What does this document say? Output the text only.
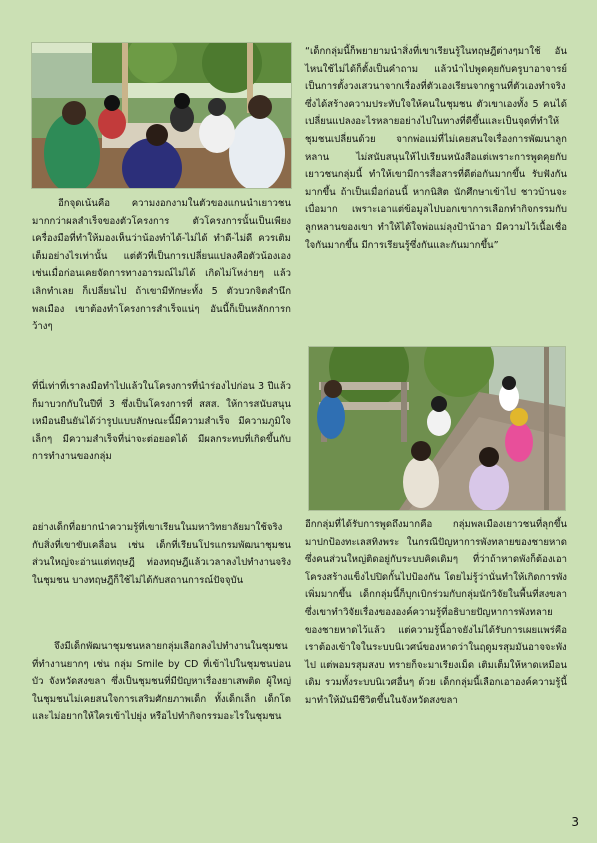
อีกจุดเน้นคือ ความงอกงามในตัวของแกนนำเยาวชน มากกว่าผลสำเร็จของตัวโครงการ ตัวโครงการนั้นเป็นเพียงเครื่องมือที่ทำให้มองเห็นว่าน้องทำได้-ไม่ได้ ทำดี-ไม่ดี ควรเติมเต็มอย่างไรเท่านั้น แต่ตัวที่เป็นการเปลี่ยนแปลงคือตัวน้องเอง เช่นเมื่อก่อนเคยจัดการทางอารมณ์ไม่ได้ เกิดไม่โหง่ายๆ แล้วเลิกทำเลย ก็เปลี่ยนไป ถ้าเขามีทักษะทั้ง 5 ตัวบวกจิตสำนึกพลเมือง เขาต้องทำโครงการสำเร็จแน่ๆ อันนี้ก็เป็นหลักการกว้างๆ

ที่นี่เท่าที่เราลงมือทำไปแล้วในโครงการที่นำร่องไปก่อน 3 ปีแล้วก็มาบวกกับในปีที่ 3 ซึ่งเป็นโครงการที่ สสส. ให้การสนับสนุน เหมือนยืนยันได้ว่ารูปแบบลักษณะนี้มีความสำเร็จ มีความภูมิใจเล็กๆ มีความสำเร็จที่น่าจะต่อยอดได้ มีผลกระทบที่เกิดขึ้นกับการทำงานของกลุ่ม

อย่างเด็กที่อยากนำความรู้ที่เขาเรียนในมหาวิทยาลัยมาใช้จริงกับสิ่งที่เขาขับเคลื่อน เช่น เด็กที่เรียนโปรแกรมพัฒนาชุมชน ส่วนใหญ่จะอ่านแต่ทฤษฎี ท่องทฤษฎีแล้วเวลาลงไปทำงานจริงในชุมชน บางทฤษฎีก็ใช้ไม่ได้กับสถานการณ์ปัจจุบัน

จึงมีเด็กพัฒนาชุมชนหลายกลุ่มเลือกลงไปทำงานในชุมชน ที่ทำงานยากๆ เช่น กลุ่ม Smile by CD ที่เข้าไปในชุมชนบ่อนบัว จังหวัดสงขลา ซึ่งเป็นชุมชนที่มีปัญหาเรื่องยาเสพติด ผู้ใหญ่ในชุมชนไม่เคยสนใจการเสริมศักยภาพเด็ก ทั้งเด็กเล็ก เด็กโตและไม่อยากให้ใครเข้าไปยุ่ง หรือไปทำกิจกรรมอะไรในชุมชน

“เด็กกลุ่มนี้ก็พยายามนำสิ่งที่เขาเรียนรู้ในทฤษฎีต่างๆมาใช้ อันไหนใช้ไม่ได้ก็ตั้งเป็นคำถาม แล้วนำไปพูดคุยกับครูบาอาจารย์ เป็นการตั้งวงเสวนาจากเรื่องที่ตัวเองเรียนจากฐานที่ตัวเองทำจริง ซึ่งได้สร้างความประทับใจให้คนในชุมชน ตัวเขาเองทั้ง 5 คนได้เปลี่ยนแปลงอะไรหลายอย่างไปในทางที่ดีขึ้นและเป็นจุดที่ทำให้ชุมชนเปลี่ยนด้วย จากพ่อแม่ที่ไม่เคยสนใจเรื่องการพัฒนาลูกหลาน ไม่สนับสนุนให้ไปเรียนหนังสือแต่เพราะการพูดคุยกับเยาวชนกลุ่มนี้ ทำให้เขามีการสื่อสารที่ดีต่อกันมากขึ้น รับฟังกันมากขึ้น ถ้าเป็นเมื่อก่อนนี้ หากนิสิต นักศึกษาเข้าไป ชาวบ้านจะเบื่อมาก เพราะเอาแต่ข้อมูลไปบอกเขาการเลือกทำกิจกรรมกับลูกหลานของเขา ทำให้ได้ใจพ่อแม่ลุงป้าน้าอา มีความไว้เนื้อเชื่อใจกันมากขึ้น มีการเรียนรู้ซึ่งกันและกันมากขึ้น”

อีกกลุ่มที่ได้รับการพูดถึงมากคือ กลุ่มพลเมืองเยาวชนที่ลุกขึ้นมาปกป้องทะเลสทิงพระ ในกรณีปัญหาการพังทลายของชายหาด ซึ่งคนส่วนใหญ่ติดอยู่กับระบบคิดเดิมๆ ที่ว่าถ้าหาดพังก็ต้องเอาโครงสร้างแข็งไปปิดกั้นไปป้องกัน โดยไม่รู้ว่านั่นทำให้เกิดการพังเพิ่มมากขึ้น เด็กกลุ่มนี้ก็บุกเบิกร่วมกับกลุ่มนักวิจัยในพื้นที่สงขลา ซึ่งเขาทำวิจัยเรื่องขององค์ความรู้ที่อธิบายปัญหาการพังทลายของชายหาดไว้แล้ว แต่ความรู้นี้อาจยังไม่ได้รับการเผยแพร่คือ เราต้องเข้าใจในระบบนิเวศน์ของหาดว่าในฤดูมรสุมมันอาจจะพังไป แต่พอมรสุมสงบ ทรายก็จะมาเรียงเม็ด เติมเต็มให้หาดเหมือนเดิม รวมทั้งระบบนิเวศอื่นๆ ด้วย เด็กกลุ่มนี้เลือกเอาองค์ความรู้นี้มาทำให้มันมีชีวิตขึ้นในจังหวัดสงขลา

3
